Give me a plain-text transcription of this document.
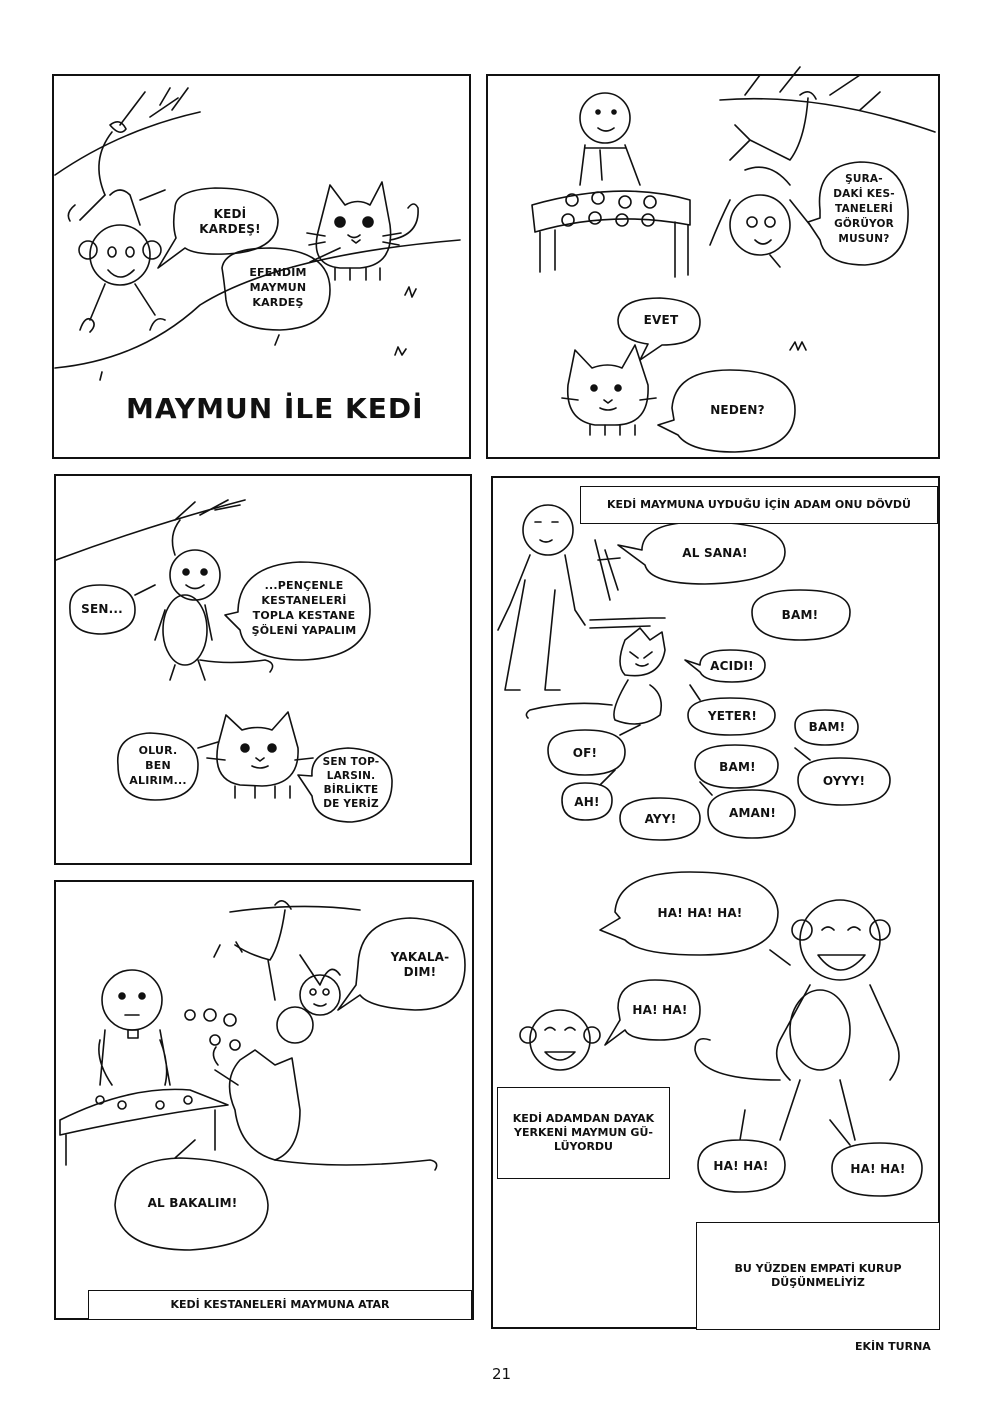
MAYMUN İLE KEDİ
KEDİ
KARDEŞ!
EFENDİM
MAYMUN
KARDEŞ
ŞURA-
DAKİ KES-
TANELERİ
GÖRÜYOR
MUSUN?
EVET
NEDEN?
SEN...
...PENÇENLE
KESTANELERİ
TOPLA KESTANE
ŞÖLENİ YAPALIM
OLUR.
BEN
ALIRIM...
SEN TOP-
LARSIN.
BİRLİKTE
DE YERİZ
YAKALA-
DIM!
AL BAKALIM!
KEDİ KESTANELERİ MAYMUNA ATAR
KEDİ MAYMUNA UYDUĞU İÇİN ADAM ONU DÖVDÜ
AL SANA!
BAM!
ACIDI!
YETER!
BAM!
OF!
BAM!
OYYY!
AH!
AYY!	AMAN!
HA! HA! HA!
HA! HA!
HA! HA!	HA! HA!
KEDİ ADAMDAN DAYAK
YERKENİ MAYMUN GÜ-
LÜYORDU
BU YÜZDEN EMPATİ KURUP
DÜŞÜNMELİYİZ
EKİN TURNA
21
